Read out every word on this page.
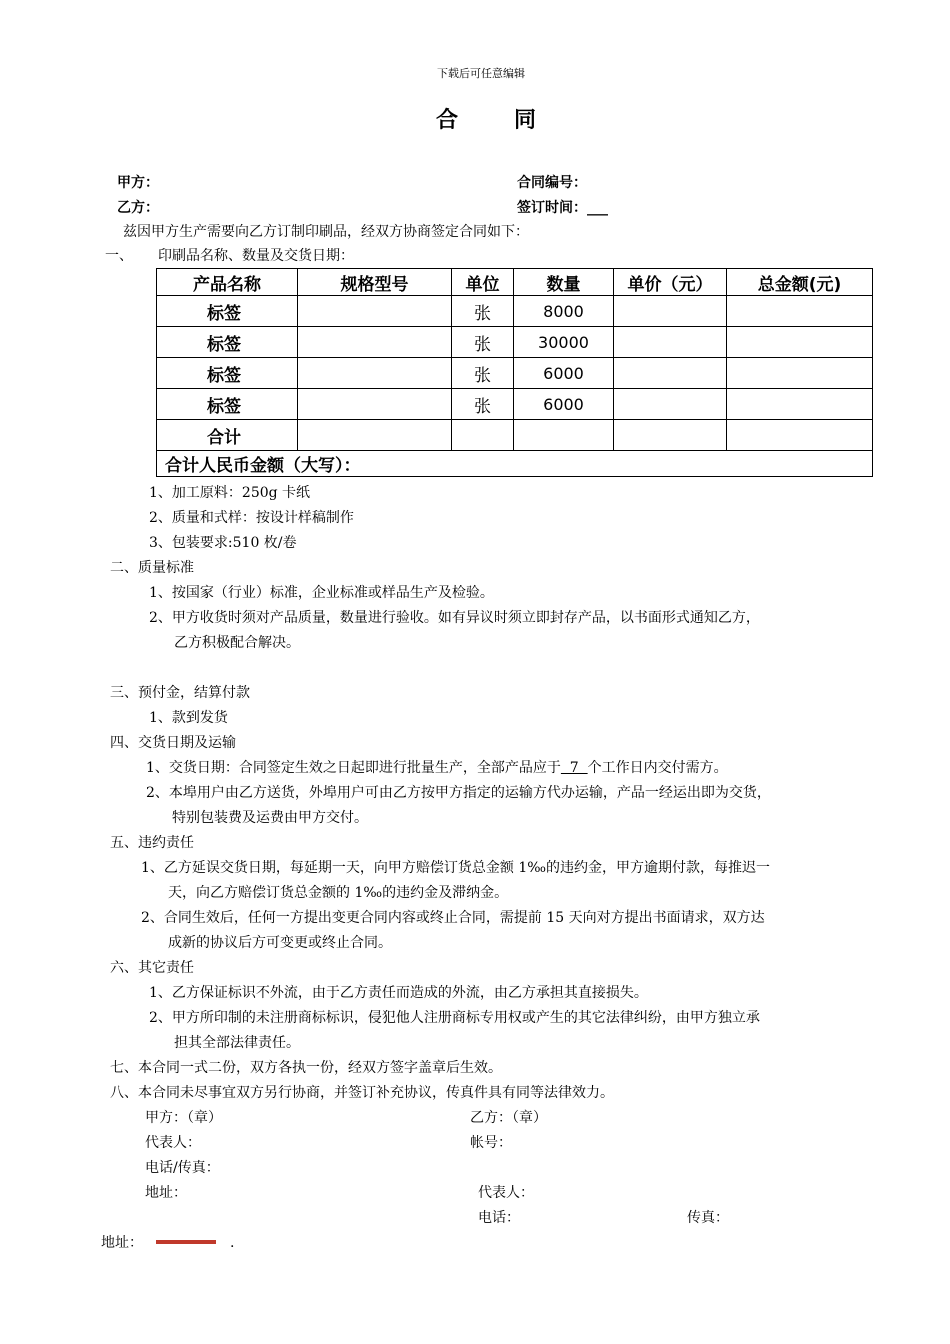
下载后可任意编辑
合同
甲方：	合同编号：
乙方：	签订时间：___
兹因甲方生产需要向乙方订制印刷品，经双方协商签定合同如下：
一、 印刷品名称、数量及交货日期：
产品名称	规格型号	单位	数量	单价（元）	总金额(元)
标签		张	8000		
标签		张	30000		
标签		张	6000		
标签		张	6000		
合计					
合计人民币金额（大写）：					
1、加工原料：250g 卡纸
2、质量和式样：按设计样稿制作
3、包装要求:510 枚/卷
二、质量标准
1、按国家（行业）标准，企业标准或样品生产及检验。
2、甲方收货时须对产品质量，数量进行验收。如有异议时须立即封存产品，以书面形式通知乙方，
乙方积极配合解决。
三、预付金，结算付款
1、款到发货
四、交货日期及运输
1、交货日期：合同签定生效之日起即进行批量生产，全部产品应于  7  个工作日内交付需方。
2、本埠用户由乙方送货，外埠用户可由乙方按甲方指定的运输方代办运输，产品一经运出即为交货，
特别包装费及运费由甲方交付。
五、违约责任
1、乙方延误交货日期，每延期一天，向甲方赔偿订货总金额 1‰的违约金，甲方逾期付款，每推迟一
天，向乙方赔偿订货总金额的 1‰的违约金及滞纳金。
2、合同生效后，任何一方提出变更合同内容或终止合同，需提前 15 天向对方提出书面请求，双方达
成新的协议后方可变更或终止合同。
六、其它责任
1、乙方保证标识不外流，由于乙方责任而造成的外流，由乙方承担其直接损失。
2、甲方所印制的未注册商标标识，侵犯他人注册商标专用权或产生的其它法律纠纷，由甲方独立承
担其全部法律责任。
七、本合同一式二份，双方各执一份，经双方签字盖章后生效。
八、本合同未尽事宜双方另行协商，并签订补充协议，传真件具有同等法律效力。
甲方：（章）	乙方：（章）
代表人：	帐号：
电话/传真：
地址：	代表人：
电话：	传真：
地址：	.
